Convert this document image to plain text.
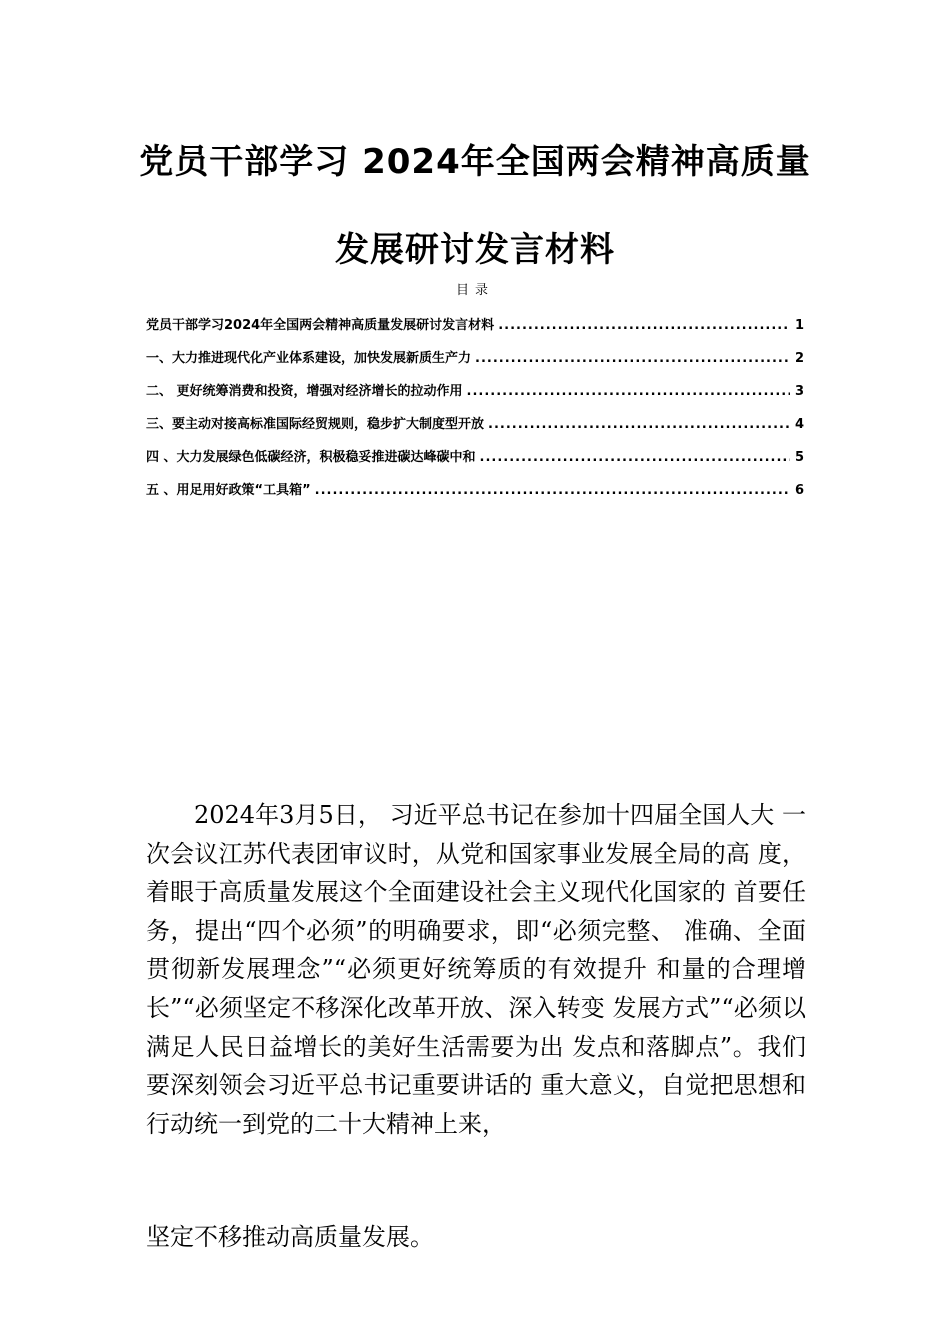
党员干部学习 2024年全国两会精神高质量
发展研讨发言材料
目录
党员干部学习2024年全国两会精神高质量发展研讨发言材料 .....	1
一、大力推进现代化产业体系建设，加快发展新质生产力 .....	2
二、 更好统筹消费和投资，增强对经济增长的拉动作用 .....	3
三、要主动对接高标准国际经贸规则，稳步扩大制度型开放 .....	4
四 、大力发展绿色低碳经济，积极稳妥推进碳达峰碳中和 .....	5
五 、用足用好政策“工具箱” .....	6
2024年3月5日， 习近平总书记在参加十四届全国人大 一次会议江苏代表团审议时，从党和国家事业发展全局的高 度， 着眼于高质量发展这个全面建设社会主义现代化国家的 首要任务，提出“四个必须”的明确要求，即“必须完整、 准确、全面贯彻新发展理念”“必须更好统筹质的有效提升 和量的合理增长”“必须坚定不移深化改革开放、深入转变 发展方式”“必须以满足人民日益增长的美好生活需要为出 发点和落脚点”。我们要深刻领会习近平总书记重要讲话的 重大意义，自觉把思想和行动统一到党的二十大精神上来，
坚定不移推动高质量发展。
